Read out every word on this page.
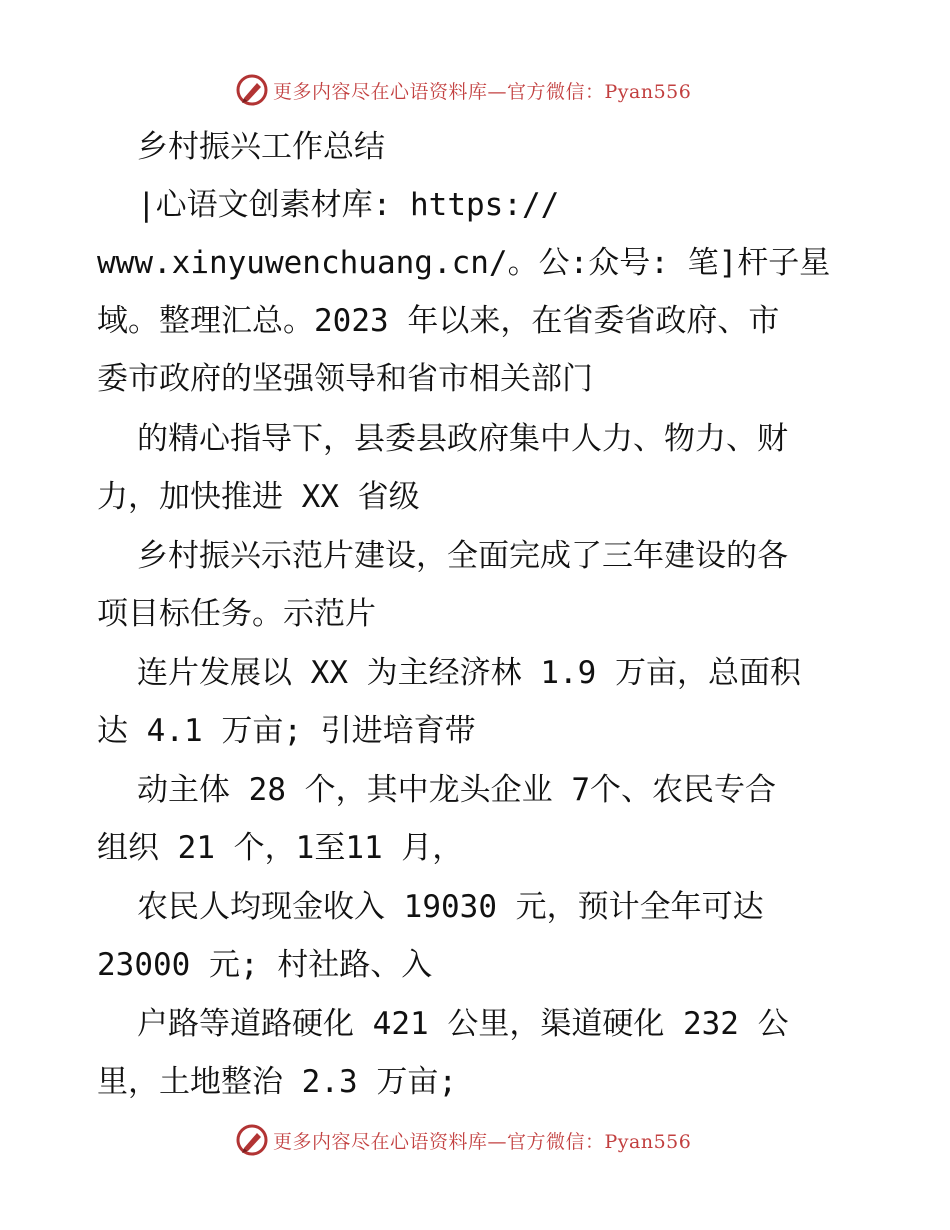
更多内容尽在心语资料库—官方微信：Pyan556
乡村振兴工作总结
|心语文创素材库: https://
www.xinyuwenchuang.cn/。公:众号: 笔]杆子星
域。整理汇总。2023 年以来，在省委省政府、市
委市政府的坚强领导和省市相关部门
的精心指导下，县委县政府集中人力、物力、财
力，加快推进 XX 省级
乡村振兴示范片建设，全面完成了三年建设的各
项目标任务。示范片
连片发展以 XX 为主经济林 1.9 万亩，总面积
达 4.1 万亩; 引进培育带
动主体 28 个，其中龙头企业 7个、农民专合
组织 21 个，1至11 月，
农民人均现金收入 19030 元，预计全年可达
23000 元; 村社路、入
户路等道路硬化 421 公里，渠道硬化 232 公
里，土地整治 2.3 万亩;
更多内容尽在心语资料库—官方微信：Pyan556
